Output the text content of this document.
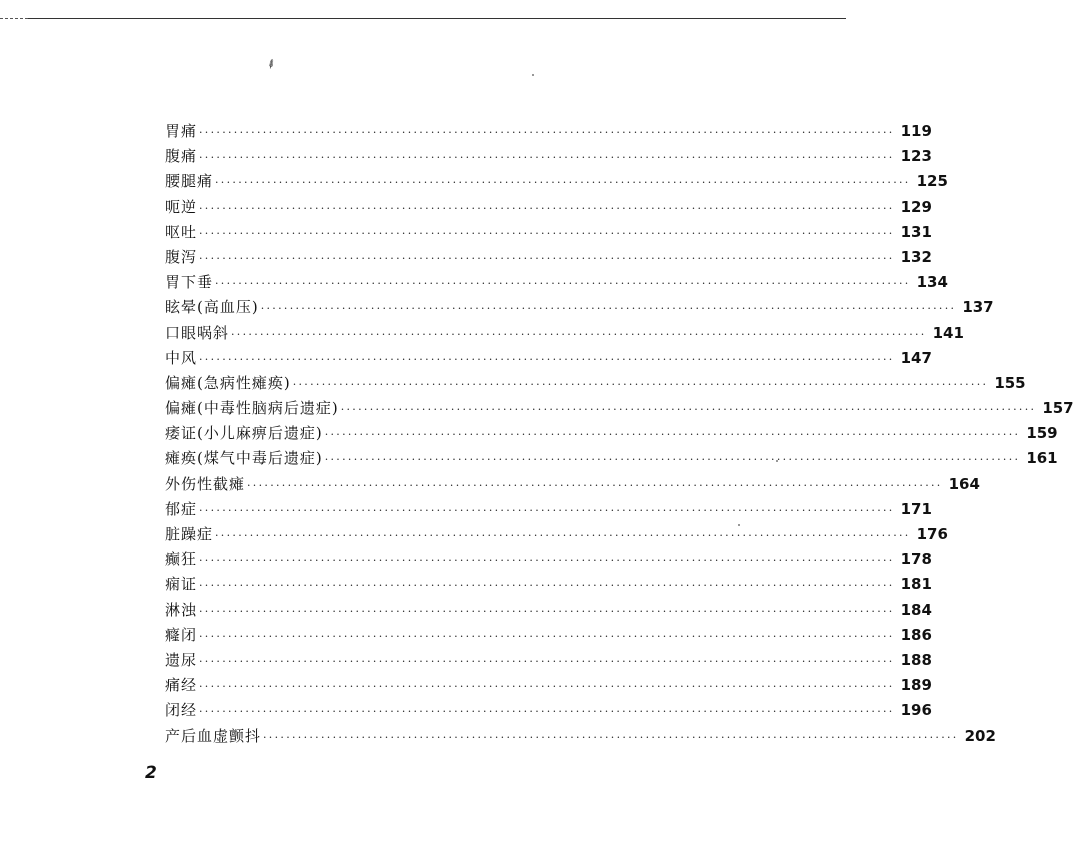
⸙
胃痛 ························································································································ 119
腹痛 ························································································································ 123
腰腿痛 ························································································································ 125
呃逆 ························································································································ 129
呕吐 ························································································································ 131
腹泻 ························································································································ 132
胃下垂 ························································································································ 134
眩晕(高血压) ························································································································ 137
口眼㖞斜 ························································································································ 141
中风 ························································································································ 147
偏瘫(急病性瘫痪) ························································································································ 155
偏瘫(中毒性脑病后遗症) ························································································································ 157
痿证(小儿麻痹后遗症) ························································································································ 159
瘫痪(煤气中毒后遗症) ························································································································ 161
外伤性截瘫 ························································································································ 164
郁症 ························································································································ 171
脏躁症 ························································································································ 176
癫狂 ························································································································ 178
痫证 ························································································································ 181
淋浊 ························································································································ 184
癃闭 ························································································································ 186
遗尿 ························································································································ 188
痛经 ························································································································ 189
闭经 ························································································································ 196
产后血虚颤抖 ························································································································ 202
2
